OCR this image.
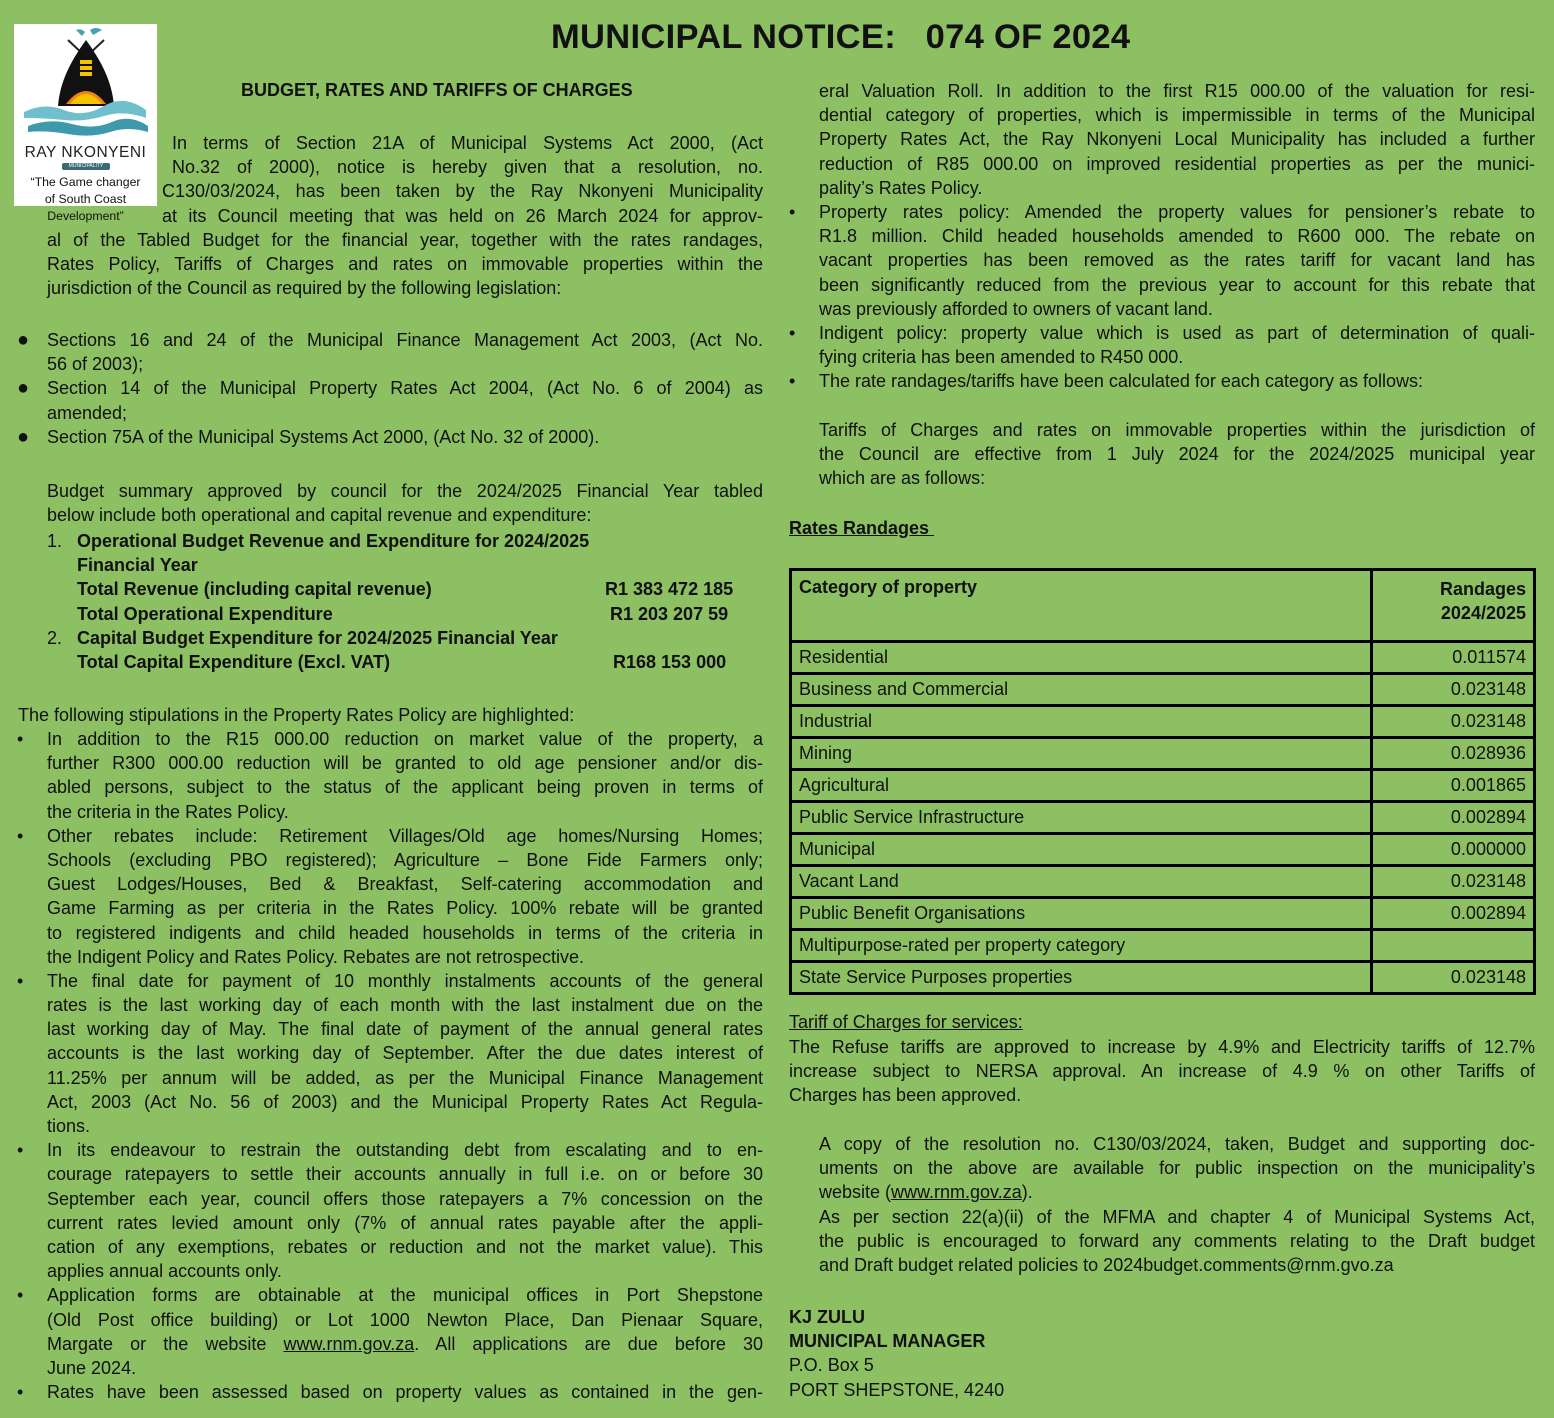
RAY NKONYENI
MUNICIPALITY
“The Game changer
of South Coast
Development”
MUNICIPAL NOTICE:   074 OF 2024
BUDGET, RATES AND TARIFFS OF CHARGES
In terms of Section 21A of Municipal Systems Act 2000, (Act
No.32 of 2000), notice is hereby given that a resolution, no.
C130/03/2024, has been taken by the Ray Nkonyeni Municipality
at its Council meeting that was held on 26 March 2024 for approv-
al of the Tabled Budget for the financial year, together with the rates randages,
Rates Policy, Tariffs of Charges and rates on immovable properties within the
jurisdiction of the Council as required by the following legislation:
● Sections 16 and 24 of the Municipal Finance Management Act 2003, (Act No.
56 of 2003);
● Section 14 of the Municipal Property Rates Act 2004, (Act No. 6 of 2004) as
amended;
● Section 75A of the Municipal Systems Act 2000, (Act No. 32 of 2000).
Budget summary approved by council for the 2024/2025 Financial Year tabled
below include both operational and capital revenue and expenditure:
1. Operational Budget Revenue and Expenditure for 2024/2025
Financial Year
Total Revenue (including capital revenue)	R1 383 472 185
Total Operational Expenditure	R1 203 207 59
2. Capital Budget Expenditure for 2024/2025 Financial Year
Total Capital Expenditure (Excl. VAT)	R168 153 000
The following stipulations in the Property Rates Policy are highlighted:
• In addition to the R15 000.00 reduction on market value of the property, a
further R300 000.00 reduction will be granted to old age pensioner and/or dis-
abled persons, subject to the status of the applicant being proven in terms of
the criteria in the Rates Policy.
• Other rebates include: Retirement Villages/Old age homes/Nursing Homes;
Schools (excluding PBO registered); Agriculture – Bone Fide Farmers only;
Guest Lodges/Houses, Bed & Breakfast, Self-catering accommodation and
Game Farming as per criteria in the Rates Policy. 100% rebate will be granted
to registered indigents and child headed households in terms of the criteria in
the Indigent Policy and Rates Policy. Rebates are not retrospective.
• The final date for payment of 10 monthly instalments accounts of the general
rates is the last working day of each month with the last instalment due on the
last working day of May. The final date of payment of the annual general rates
accounts is the last working day of September. After the due dates interest of
11.25% per annum will be added, as per the Municipal Finance Management
Act, 2003 (Act No. 56 of 2003) and the Municipal Property Rates Act Regula-
tions.
• In its endeavour to restrain the outstanding debt from escalating and to en-
courage ratepayers to settle their accounts annually in full i.e. on or before 30
September each year, council offers those ratepayers a 7% concession on the
current rates levied amount only (7% of annual rates payable after the appli-
cation of any exemptions, rebates or reduction and not the market value). This
applies annual accounts only.
• Application forms are obtainable at the municipal offices in Port Shepstone
(Old Post office building) or Lot 1000 Newton Place, Dan Pienaar Square,
Margate or the website www.rnm.gov.za. All applications are due before 30
June 2024.
• Rates have been assessed based on property values as contained in the gen-
eral Valuation Roll. In addition to the first R15 000.00 of the valuation for resi-
dential category of properties, which is impermissible in terms of the Municipal
Property Rates Act, the Ray Nkonyeni Local Municipality has included a further
reduction of R85 000.00 on improved residential properties as per the munici-
pality’s Rates Policy.
• Property rates policy: Amended the property values for pensioner’s rebate to
R1.8 million. Child headed households amended to R600 000. The rebate on
vacant properties has been removed as the rates tariff for vacant land has
been significantly reduced from the previous year to account for this rebate that
was previously afforded to owners of vacant land.
• Indigent policy: property value which is used as part of determination of quali-
fying criteria has been amended to R450 000.
• The rate randages/tariffs have been calculated for each category as follows:
Tariffs of Charges and rates on immovable properties within the jurisdiction of
the Council are effective from 1 July 2024 for the 2024/2025 municipal year
which are as follows:
Rates Randages
Category of property	Randages
2024/2025

Residential	0.011574
Business and Commercial	0.023148
Industrial	0.023148
Mining	0.028936
Agricultural	0.001865
Public Service Infrastructure	0.002894
Municipal	0.000000
Vacant Land	0.023148
Public Benefit Organisations	0.002894
Multipurpose-rated per property category	
State Service Purposes properties	0.023148
Tariff of Charges for services:
The Refuse tariffs are approved to increase by 4.9% and Electricity tariffs of 12.7%
increase subject to NERSA approval. An increase of 4.9 % on other Tariffs of
Charges has been approved.
A copy of the resolution no. C130/03/2024, taken, Budget and supporting doc-
uments on the above are available for public inspection on the municipality’s
website (www.rnm.gov.za).
As per section 22(a)(ii) of the MFMA and chapter 4 of Municipal Systems Act,
the public is encouraged to forward any comments relating to the Draft budget
and Draft budget related policies to 2024budget.comments@rnm.gvo.za
KJ ZULU
MUNICIPAL MANAGER
P.O. Box 5
PORT SHEPSTONE, 4240
